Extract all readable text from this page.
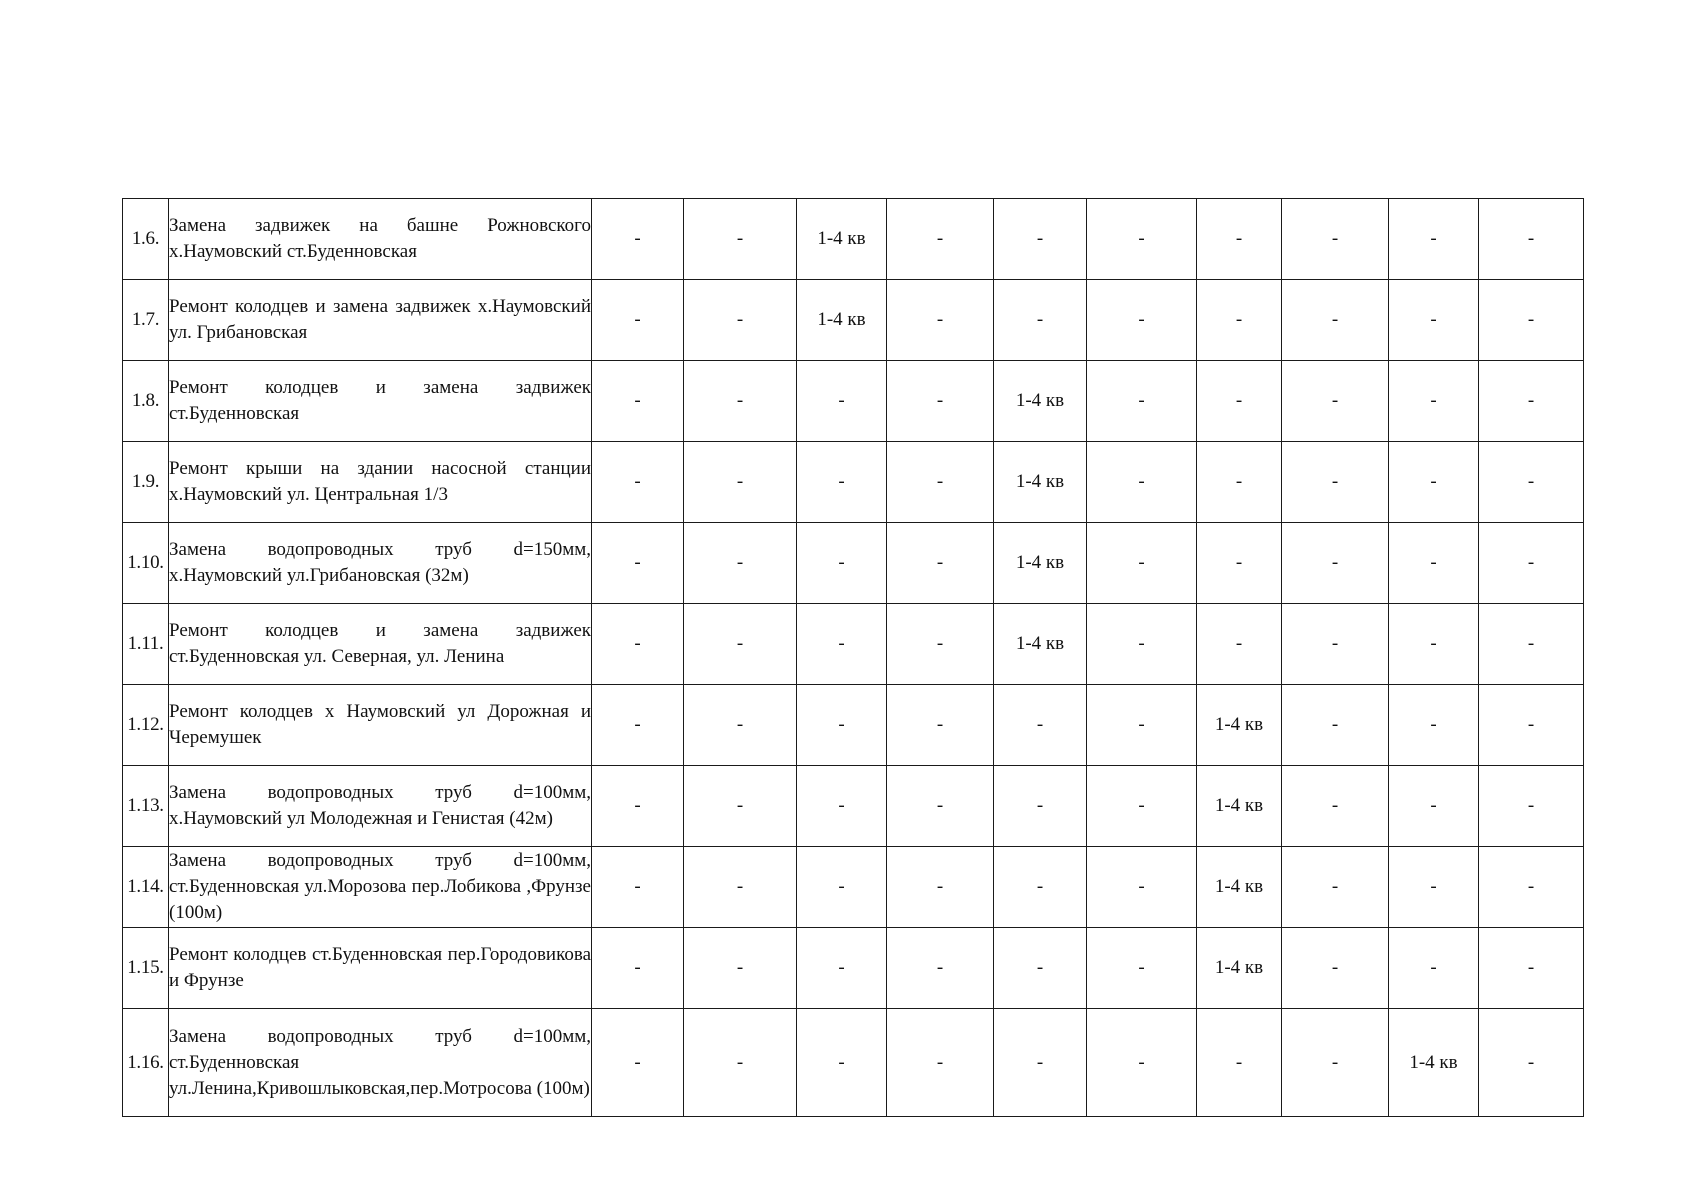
1.6.	Замена задвижек на башне Рожновского х.Наумовский ст.Буденновская	-	-	1-4 кв	-	-	-	-	-	-	-
1.7.	Ремонт колодцев и замена задвижек х.Наумовский ул. Грибановская	-	-	1-4 кв	-	-	-	-	-	-	-
1.8.	Ремонт колодцев и замена задвижек ст.Буденновская	-	-	-	-	1-4 кв	-	-	-	-	-
1.9.	Ремонт крыши на здании насосной станции х.Наумовский ул. Центральная 1/3	-	-	-	-	1-4 кв	-	-	-	-	-
1.10.	Замена водопроводных труб d=150мм, х.Наумовский ул.Грибановская (32м)	-	-	-	-	1-4 кв	-	-	-	-	-
1.11.	Ремонт колодцев и замена задвижек ст.Буденновская ул. Северная, ул. Ленина	-	-	-	-	1-4 кв	-	-	-	-	-
1.12.	Ремонт колодцев х Наумовский ул Дорожная и Черемушек	-	-	-	-	-	-	1-4 кв	-	-	-
1.13.	Замена водопроводных труб d=100мм, х.Наумовский ул Молодежная и Генистая (42м)	-	-	-	-	-	-	1-4 кв	-	-	-
1.14.	Замена водопроводных труб d=100мм, ст.Буденновская ул.Морозова пер.Лобикова ,Фрунзе (100м)	-	-	-	-	-	-	1-4 кв	-	-	-
1.15.	Ремонт колодцев ст.Буденновская пер.Городовикова и Фрунзе	-	-	-	-	-	-	1-4 кв	-	-	-
1.16.	Замена водопроводных труб d=100мм, ст.Буденновская ул.Ленина,Кривошлыковская,пер.Мотросова (100м)	-	-	-	-	-	-	-	-	1-4 кв	-
